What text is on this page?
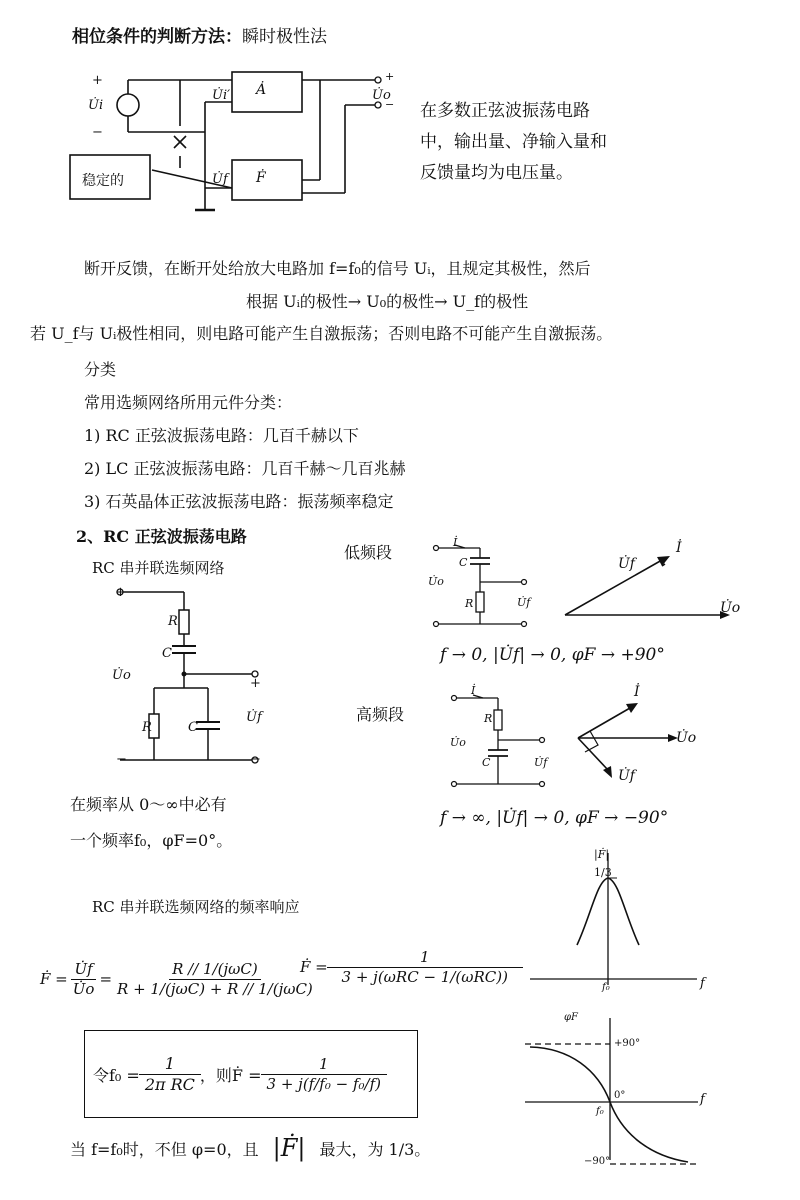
相位条件的判断方法：瞬时极性法
+
−
U̇i
U̇i′
U̇f
Ȧ
Ḟ
U̇o
+
−
稳定的
在多数正弦波振荡电路
中，输出量、净输入量和
反馈量均为电压量。
断开反馈，在断开处给放大电路加 f=f₀的信号 Uᵢ，且规定其极性，然后
根据 Uᵢ的极性→ U₀的极性→ U_f的极性
若 U_f与 Uᵢ极性相同，则电路可能产生自激振荡；否则电路不可能产生自激振荡。
分类
常用选频网络所用元件分类：
1) RC 正弦波振荡电路：几百千赫以下
2) LC 正弦波振荡电路：几百千赫～几百兆赫
3) 石英晶体正弦波振荡电路：振荡频率稳定
2、RC 正弦波振荡电路
RC 串并联选频网络
+
R
C
U̇o
+
R	C
U̇f
−	−
在频率从 0～∞中必有
一个频率f₀，φF=0°。
低频段
İ
C
U̇o
R	U̇f
İ
U̇f
U̇o
f → 0, |U̇f| → 0, φF → +90°
高频段
İ
R
U̇o
C	U̇f
İ
U̇o
U̇f
f → ∞, |U̇f| → 0, φF → −90°
RC 串并联选频网络的频率响应
Ḟ = $\frac{U̇f}{U̇o} = \frac{\text{R // 1/(jωC)}}{\text{R + 1/(jωC) + R // 1/(jωC)}}$
Ḟ = $\frac{1}{\text{3 + j(ωRC − 1/(ωRC))}}$
令$f_0 = \frac{1}{\text{2π RC}}$ ，则Ḟ = $\frac{1}{\text{3 + j(f/f₀ − f₀/f)}}$
当 f=f₀时，不但 φ=0，且 |Ḟ| 最大，为 1/3。
|Ḟ|
1/3
f₀	f
φF
+90°
0°
f₀
f
−90°
